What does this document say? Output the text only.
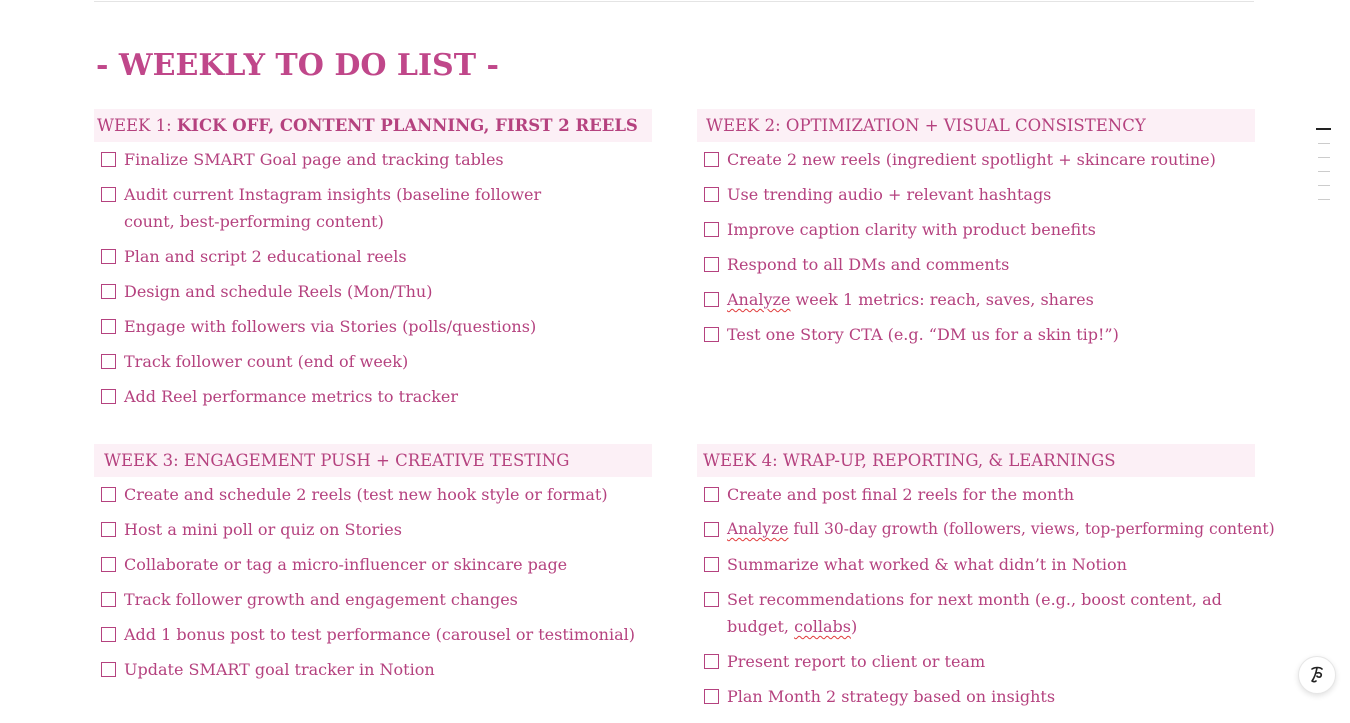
- WEEKLY TO DO LIST -
WEEK 1: KICK OFF, CONTENT PLANNING, FIRST 2 REELS
Finalize SMART Goal page and tracking tables
Audit current Instagram insights (baseline follower count, best-performing content)
Plan and script 2 educational reels
Design and schedule Reels (Mon/Thu)
Engage with followers via Stories (polls/questions)
Track follower count (end of week)
Add Reel performance metrics to tracker
WEEK 2: OPTIMIZATION + VISUAL CONSISTENCY
Create 2 new reels (ingredient spotlight + skincare routine)
Use trending audio + relevant hashtags
Improve caption clarity with product benefits
Respond to all DMs and comments
Analyze week 1 metrics: reach, saves, shares
Test one Story CTA (e.g. “DM us for a skin tip!”)
WEEK 3: ENGAGEMENT PUSH + CREATIVE TESTING
Create and schedule 2 reels (test new hook style or format)
Host a mini poll or quiz on Stories
Collaborate or tag a micro-influencer or skincare page
Track follower growth and engagement changes
Add 1 bonus post to test performance (carousel or testimonial)
Update SMART goal tracker in Notion
WEEK 4: WRAP-UP, REPORTING, & LEARNINGS
Create and post final 2 reels for the month
Analyze full 30-day growth (followers, views, top-performing content)
Summarize what worked & what didn’t in Notion
Set recommendations for next month (e.g., boost content, ad budget, collabs)
Present report to client or team
Plan Month 2 strategy based on insights
